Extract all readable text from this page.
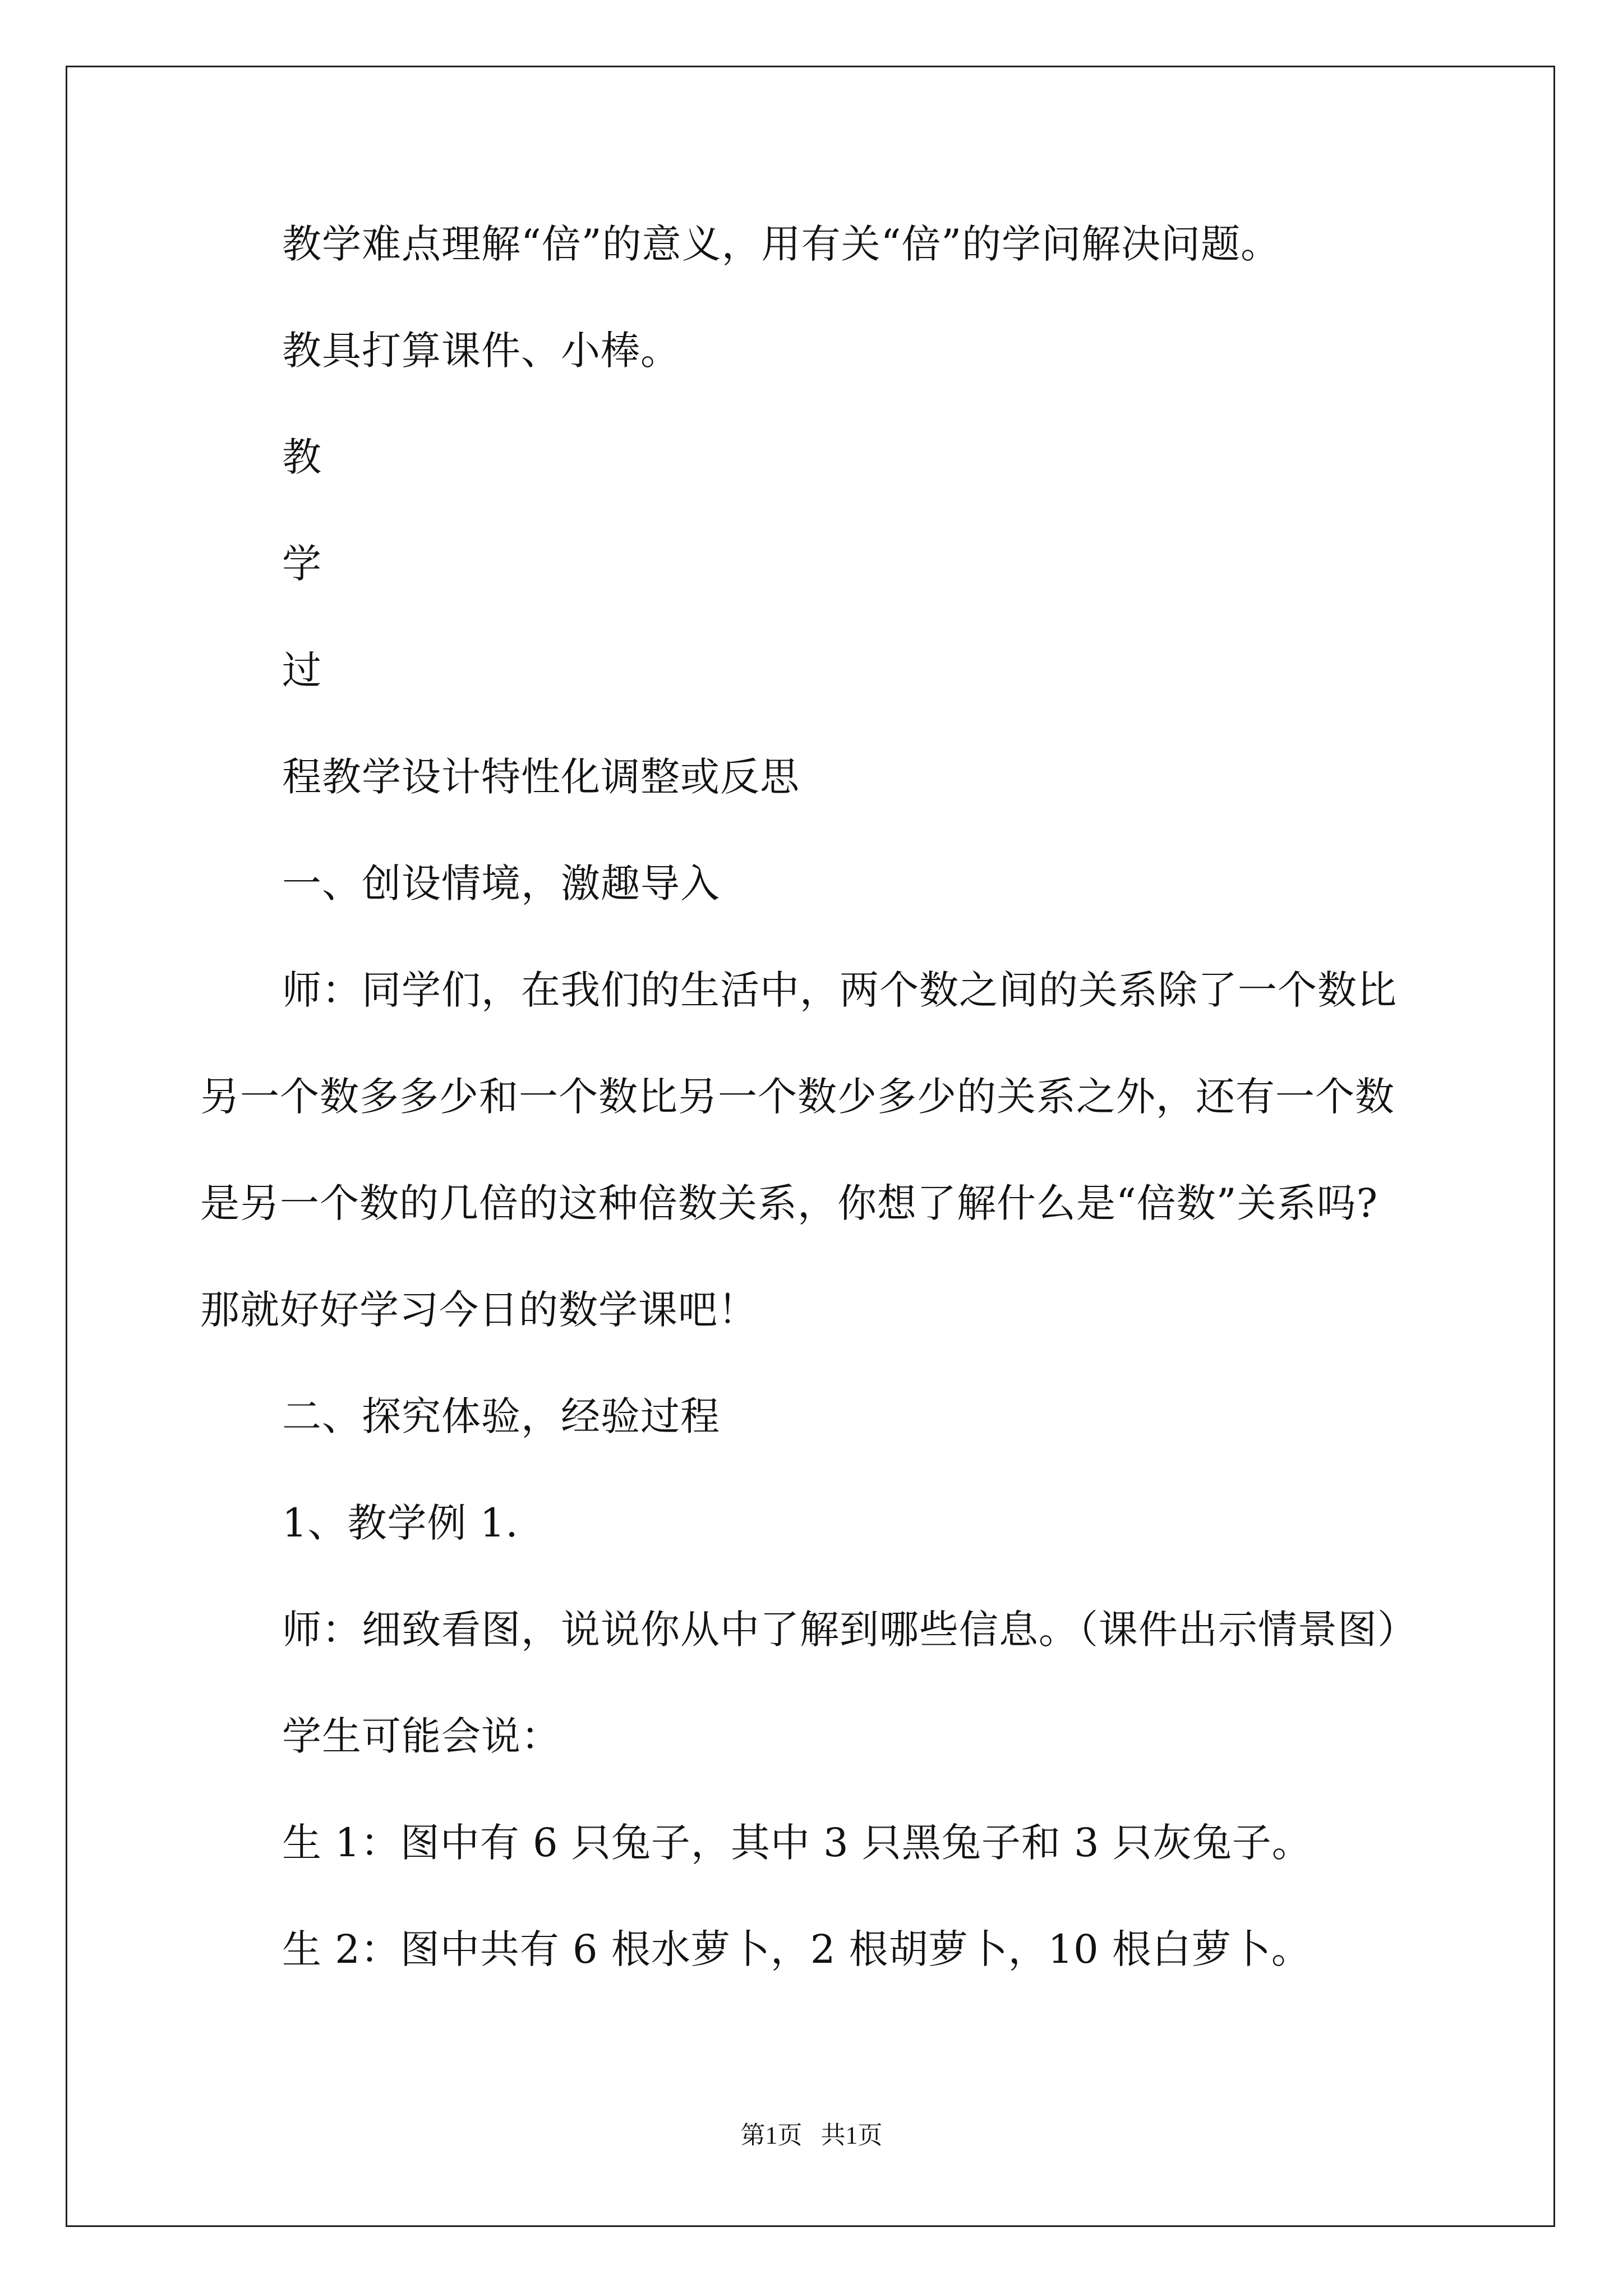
教学难点理解“倍”的意义，用有关“倍”的学问解决问题。
教具打算课件、小棒。
教
学
过
程教学设计特性化调整或反思
一、创设情境，激趣导入
师：同学们，在我们的生活中，两个数之间的关系除了一个数比
另一个数多多少和一个数比另一个数少多少的关系之外，还有一个数
是另一个数的几倍的这种倍数关系，你想了解什么是“倍数”关系吗?
那就好好学习今日的数学课吧！
二、探究体验，经验过程
1、教学例 1.
师：细致看图，说说你从中了解到哪些信息。（课件出示情景图）
学生可能会说：
生 1：图中有 6 只兔子，其中 3 只黑兔子和 3 只灰兔子。
生 2：图中共有 6 根水萝卜，2 根胡萝卜，10 根白萝卜。
第1页   共1页
